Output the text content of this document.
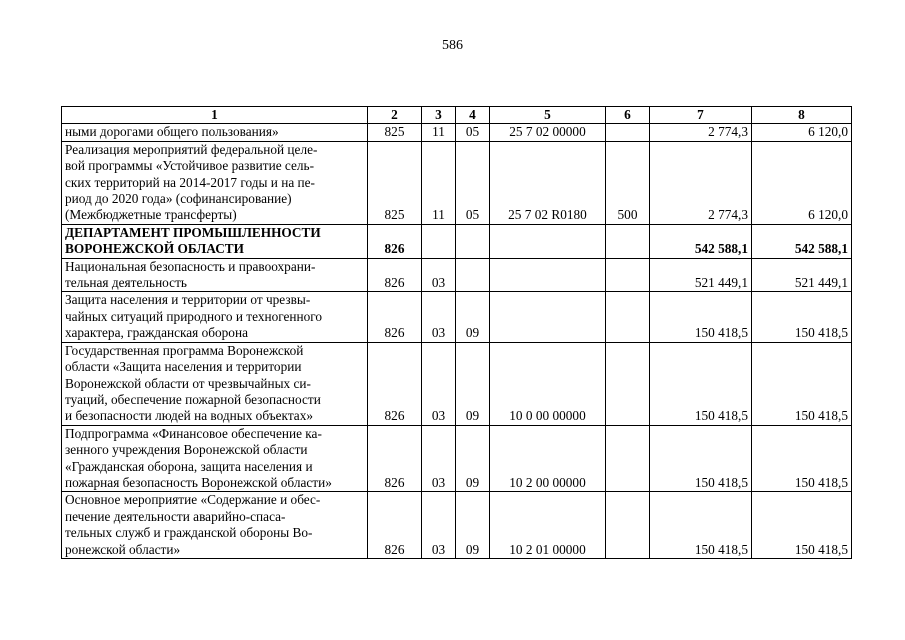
586
1	2	3	4	5	6	7	8

ными дорогами общего пользования»	825	11	05	25 7 02 00000		2 774,3	6 120,0

Реализация мероприятий федеральной целе-
вой программы «Устойчивое развитие сель-
ских территорий на 2014-2017 годы и на пе-
риод до 2020 года» (софинансирование)
(Межбюджетные трансферты)	825	11	05	25 7 02 R0180	500	2 774,3	6 120,0

ДЕПАРТАМЕНТ ПРОМЫШЛЕННОСТИ
ВОРОНЕЖСКОЙ ОБЛАСТИ	826					542 588,1	542 588,1

Национальная безопасность и правоохрани-
тельная деятельность	826	03				521 449,1	521 449,1

Защита населения и территории от чрезвы-
чайных ситуаций природного и техногенного
характера, гражданская оборона	826	03	09			150 418,5	150 418,5

Государственная программа Воронежской
области «Защита населения и территории
Воронежской области от чрезвычайных си-
туаций, обеспечение пожарной безопасности
и безопасности людей на водных объектах»	826	03	09	10 0 00 00000		150 418,5	150 418,5

Подпрограмма «Финансовое обеспечение ка-
зенного учреждения Воронежской области
«Гражданская оборона, защита населения и
пожарная безопасность Воронежской области»	826	03	09	10 2 00 00000		150 418,5	150 418,5

Основное мероприятие «Содержание и обес-
печение деятельности аварийно-спаса-
тельных служб и гражданской обороны Во-
ронежской области»	826	03	09	10 2 01 00000		150 418,5	150 418,5
